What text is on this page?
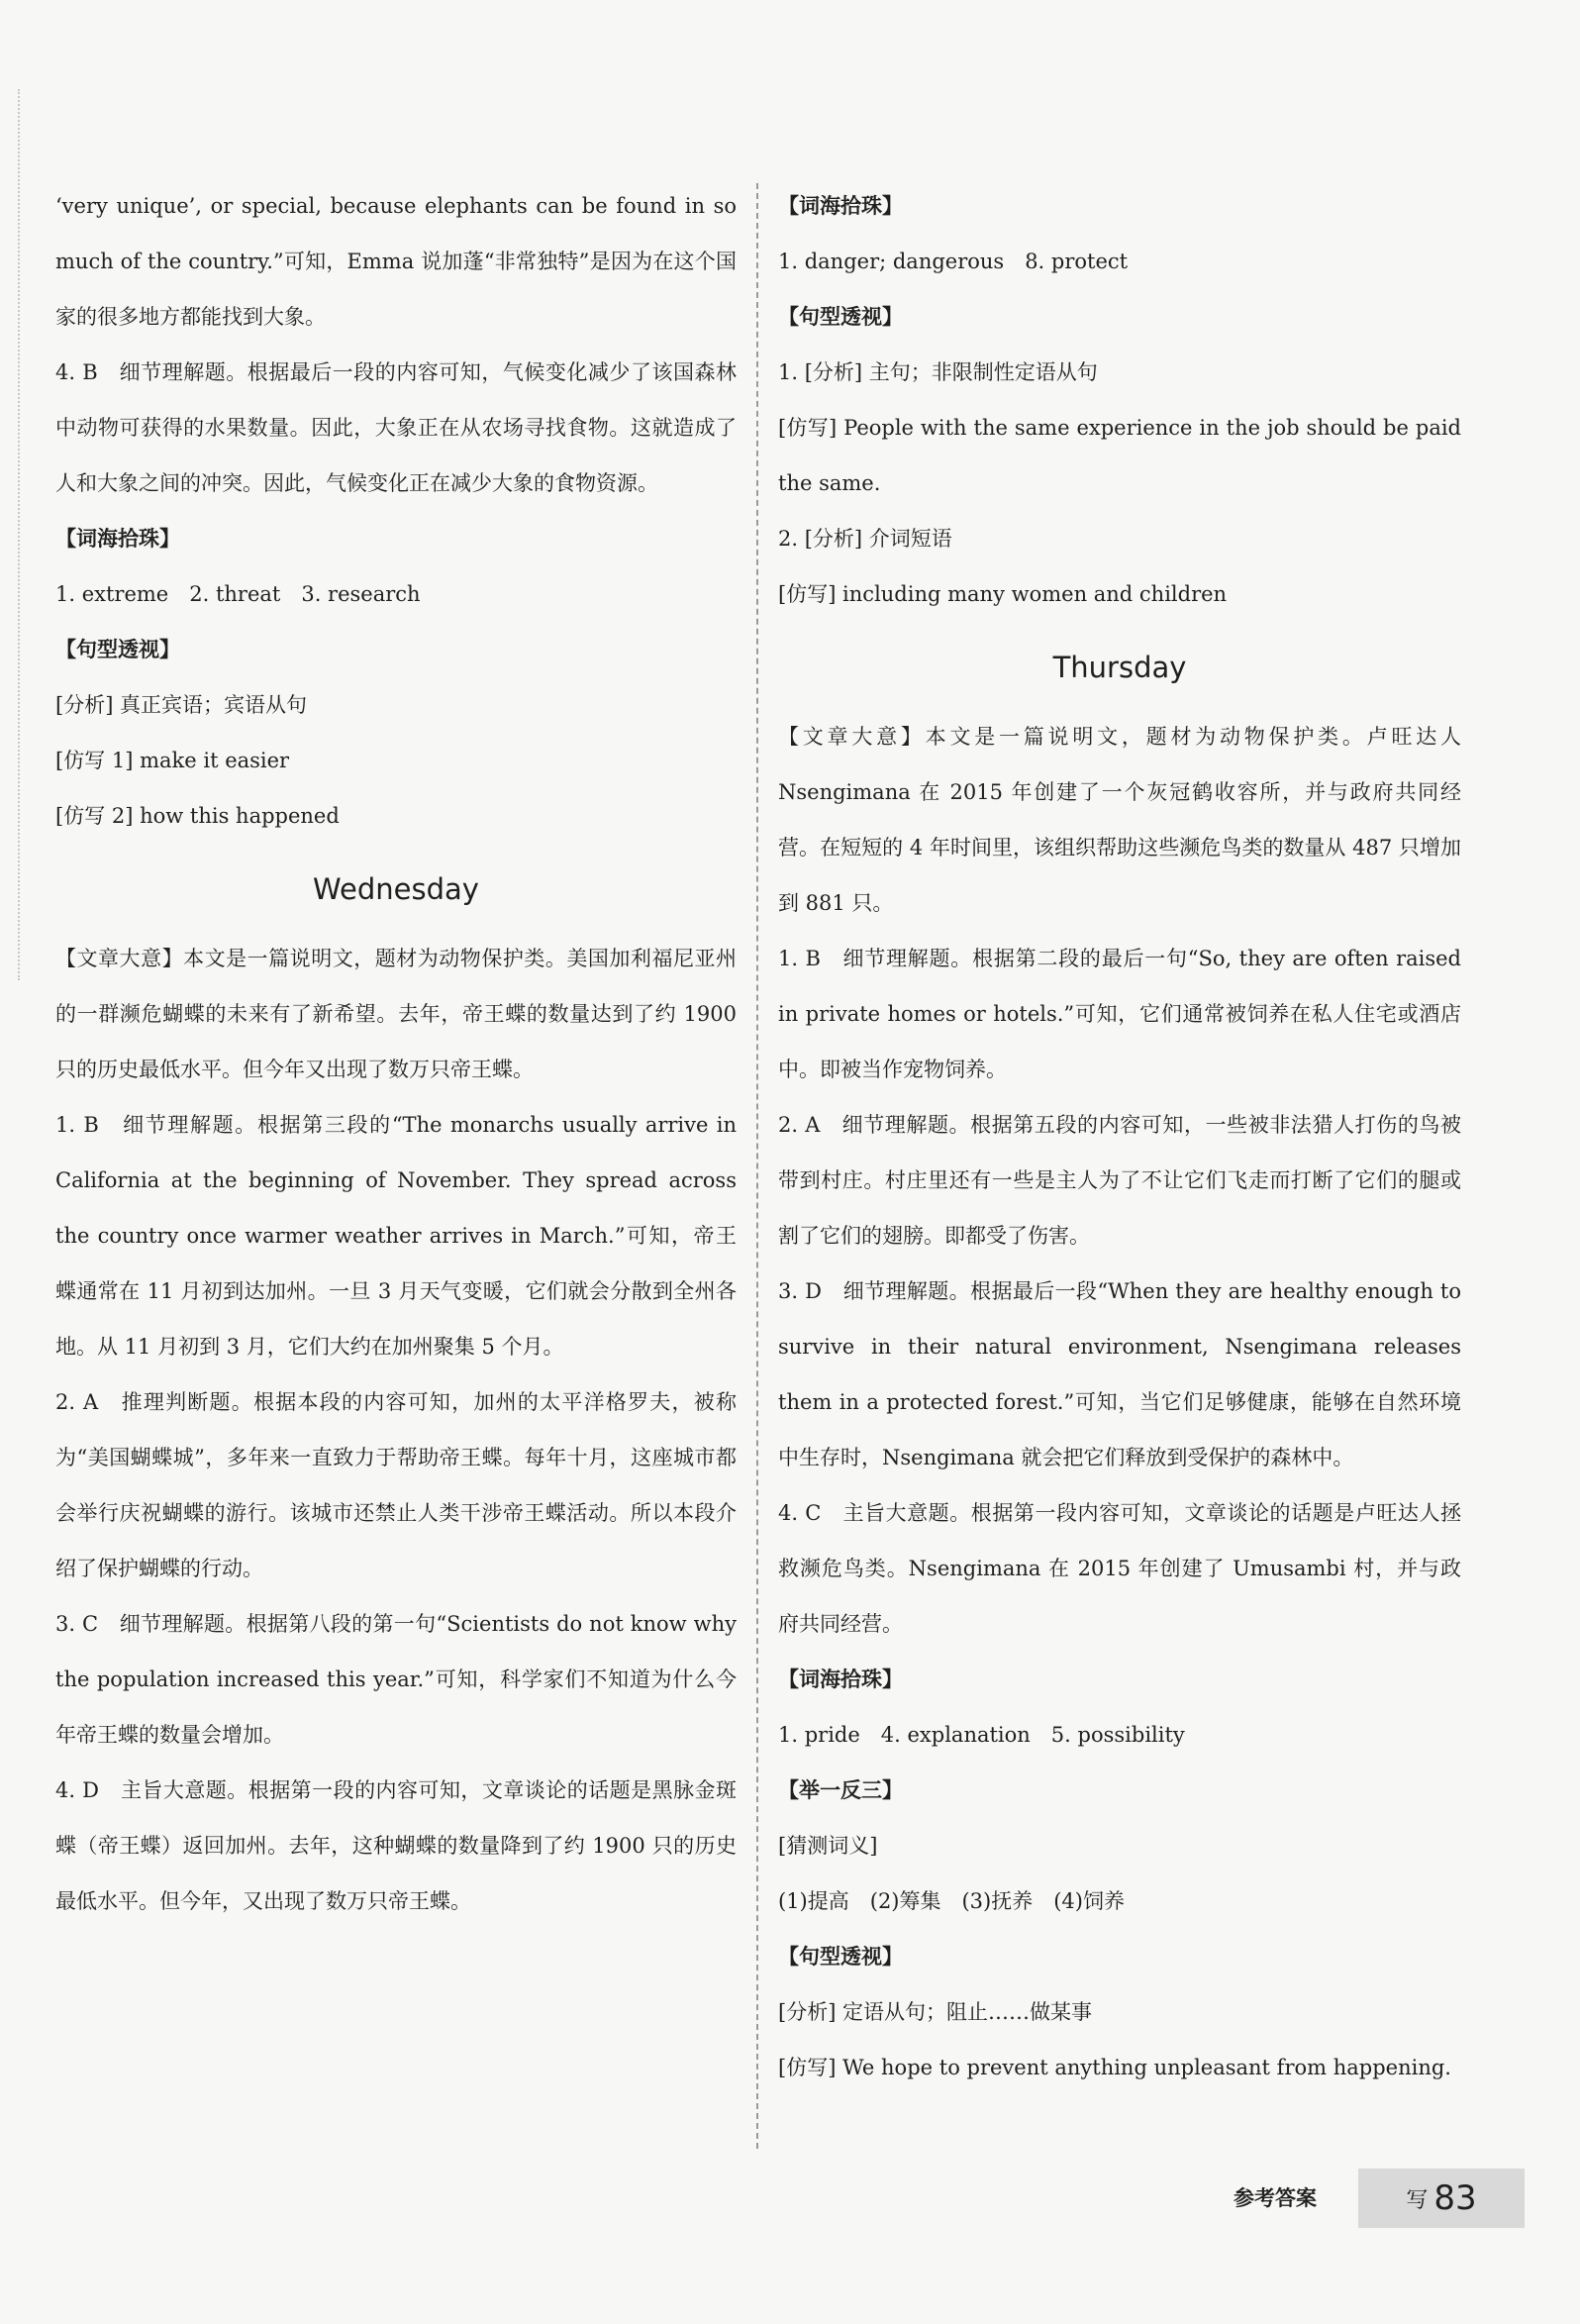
‘very unique’, or special, because elephants can be found in so much of the country.”可知，Emma 说加蓬“非常独特”是因为在这个国家的很多地方都能找到大象。

4. B　细节理解题。根据最后一段的内容可知，气候变化减少了该国森林中动物可获得的水果数量。因此，大象正在从农场寻找食物。这就造成了人和大象之间的冲突。因此，气候变化正在减少大象的食物资源。

【词海拾珠】

1. extreme　2. threat　3. research

【句型透视】

[分析] 真正宾语；宾语从句

[仿写 1] make it easier

[仿写 2] how this happened

Wednesday

【文章大意】本文是一篇说明文，题材为动物保护类。美国加利福尼亚州的一群濒危蝴蝶的未来有了新希望。去年，帝王蝶的数量达到了约 1900 只的历史最低水平。但今年又出现了数万只帝王蝶。

1. B　细节理解题。根据第三段的“The monarchs usually arrive in California at the beginning of November. They spread across the country once warmer weather arrives in March.”可知，帝王蝶通常在 11 月初到达加州。一旦 3 月天气变暖，它们就会分散到全州各地。从 11 月初到 3 月，它们大约在加州聚集 5 个月。

2. A　推理判断题。根据本段的内容可知，加州的太平洋格罗夫，被称为“美国蝴蝶城”，多年来一直致力于帮助帝王蝶。每年十月，这座城市都会举行庆祝蝴蝶的游行。该城市还禁止人类干涉帝王蝶活动。所以本段介绍了保护蝴蝶的行动。

3. C　细节理解题。根据第八段的第一句“Scientists do not know why the population increased this year.”可知，科学家们不知道为什么今年帝王蝶的数量会增加。

4. D　主旨大意题。根据第一段的内容可知，文章谈论的话题是黑脉金斑蝶（帝王蝶）返回加州。去年，这种蝴蝶的数量降到了约 1900 只的历史最低水平。但今年，又出现了数万只帝王蝶。

【词海拾珠】

1. danger; dangerous　8. protect

【句型透视】

1. [分析] 主句；非限制性定语从句

[仿写] People with the same experience in the job should be paid the same.

2. [分析] 介词短语

[仿写] including many women and children

Thursday

【文章大意】本文是一篇说明文，题材为动物保护类。卢旺达人 Nsengimana 在 2015 年创建了一个灰冠鹤收容所，并与政府共同经营。在短短的 4 年时间里，该组织帮助这些濒危鸟类的数量从 487 只增加到 881 只。

1. B　细节理解题。根据第二段的最后一句“So, they are often raised in private homes or hotels.”可知，它们通常被饲养在私人住宅或酒店中。即被当作宠物饲养。

2. A　细节理解题。根据第五段的内容可知，一些被非法猎人打伤的鸟被带到村庄。村庄里还有一些是主人为了不让它们飞走而打断了它们的腿或割了它们的翅膀。即都受了伤害。

3. D　细节理解题。根据最后一段“When they are healthy enough to survive in their natural environment, Nsengimana releases them in a protected forest.”可知，当它们足够健康，能够在自然环境中生存时，Nsengimana 就会把它们释放到受保护的森林中。

4. C　主旨大意题。根据第一段内容可知，文章谈论的话题是卢旺达人拯救濒危鸟类。Nsengimana 在 2015 年创建了 Umusambi 村，并与政府共同经营。

【词海拾珠】

1. pride　4. explanation　5. possibility

【举一反三】

[猜测词义]

(1)提高　(2)筹集　(3)抚养　(4)饲养

【句型透视】

[分析] 定语从句；阻止……做某事

[仿写] We hope to prevent anything unpleasant from happening.

参考答案	写 83
